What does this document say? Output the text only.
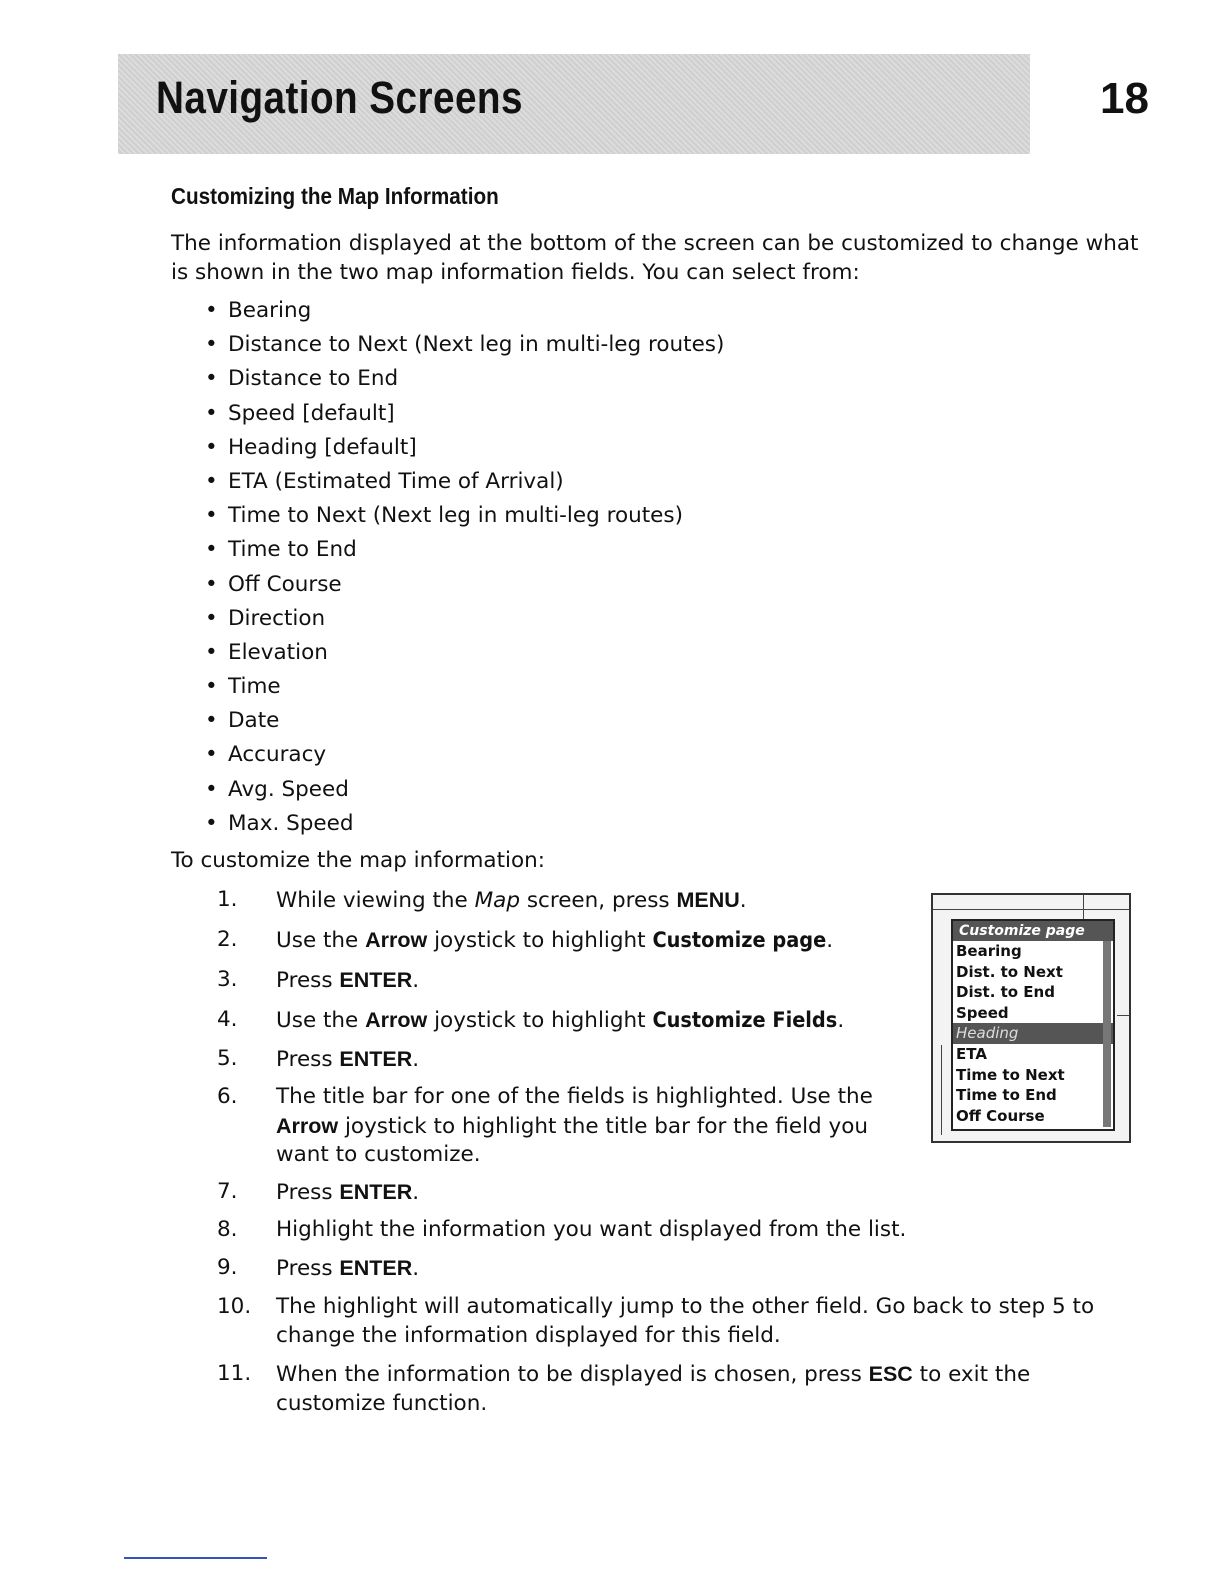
Navigation Screens	18
Customizing the Map Information

The information displayed at the bottom of the screen can be customized to change what is shown in the two map information fields. You can select from:

• Bearing
• Distance to Next (Next leg in multi-leg routes)
• Distance to End
• Speed [default]
• Heading [default]
• ETA (Estimated Time of Arrival)
• Time to Next (Next leg in multi-leg routes)
• Time to End
• Off Course
• Direction
• Elevation
• Time
• Date
• Accuracy
• Avg. Speed
• Max. Speed

To customize the map information:

1.	While viewing the Map screen, press MENU.
2.	Use the Arrow joystick to highlight Customize page.
3.	Press ENTER.
4.	Use the Arrow joystick to highlight Customize Fields.
5.	Press ENTER.
6.	The title bar for one of the fields is highlighted. Use the Arrow joystick to highlight the title bar for the field you want to customize.
7.	Press ENTER.
8.	Highlight the information you want displayed from the list.
9.	Press ENTER.
10.	The highlight will automatically jump to the other field. Go back to step 5 to change the information displayed for this field.
11.	When the information to be displayed is chosen, press ESC to exit the customize function.
Customize page
Bearing
Dist. to Next
Dist. to End
Speed
Heading
ETA
Time to Next
Time to End
Off Course
